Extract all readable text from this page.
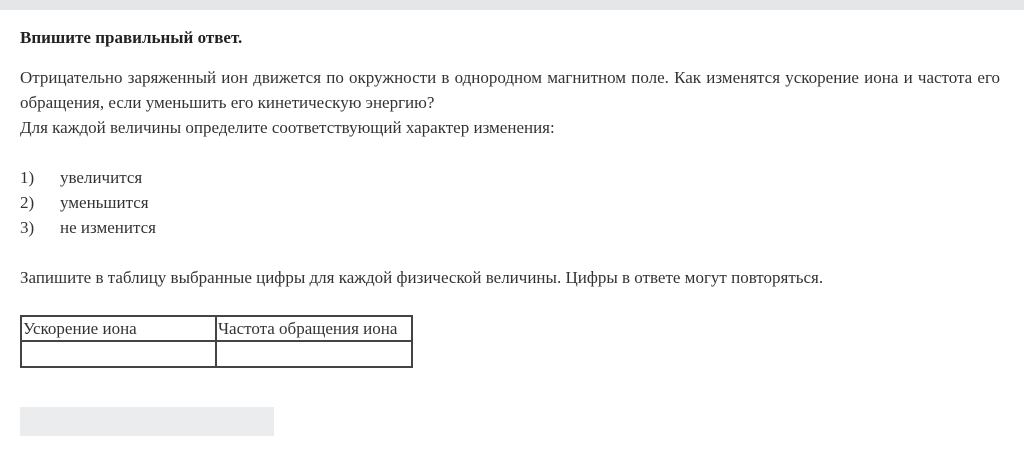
Впишите правильный ответ.

Отрицательно заряженный ион движется по окружности в однородном магнитном поле. Как изменятся ускорение иона и частота его обращения, если уменьшить его кинетическую энергию?

Для каждой величины определите соответствующий характер изменения:

1)	увеличится
2)	уменьшится
3)	не изменится

Запишите в таблицу выбранные цифры для каждой физической величины. Цифры в ответе могут повторяться.

Ускорение иона	Частота обращения иона
